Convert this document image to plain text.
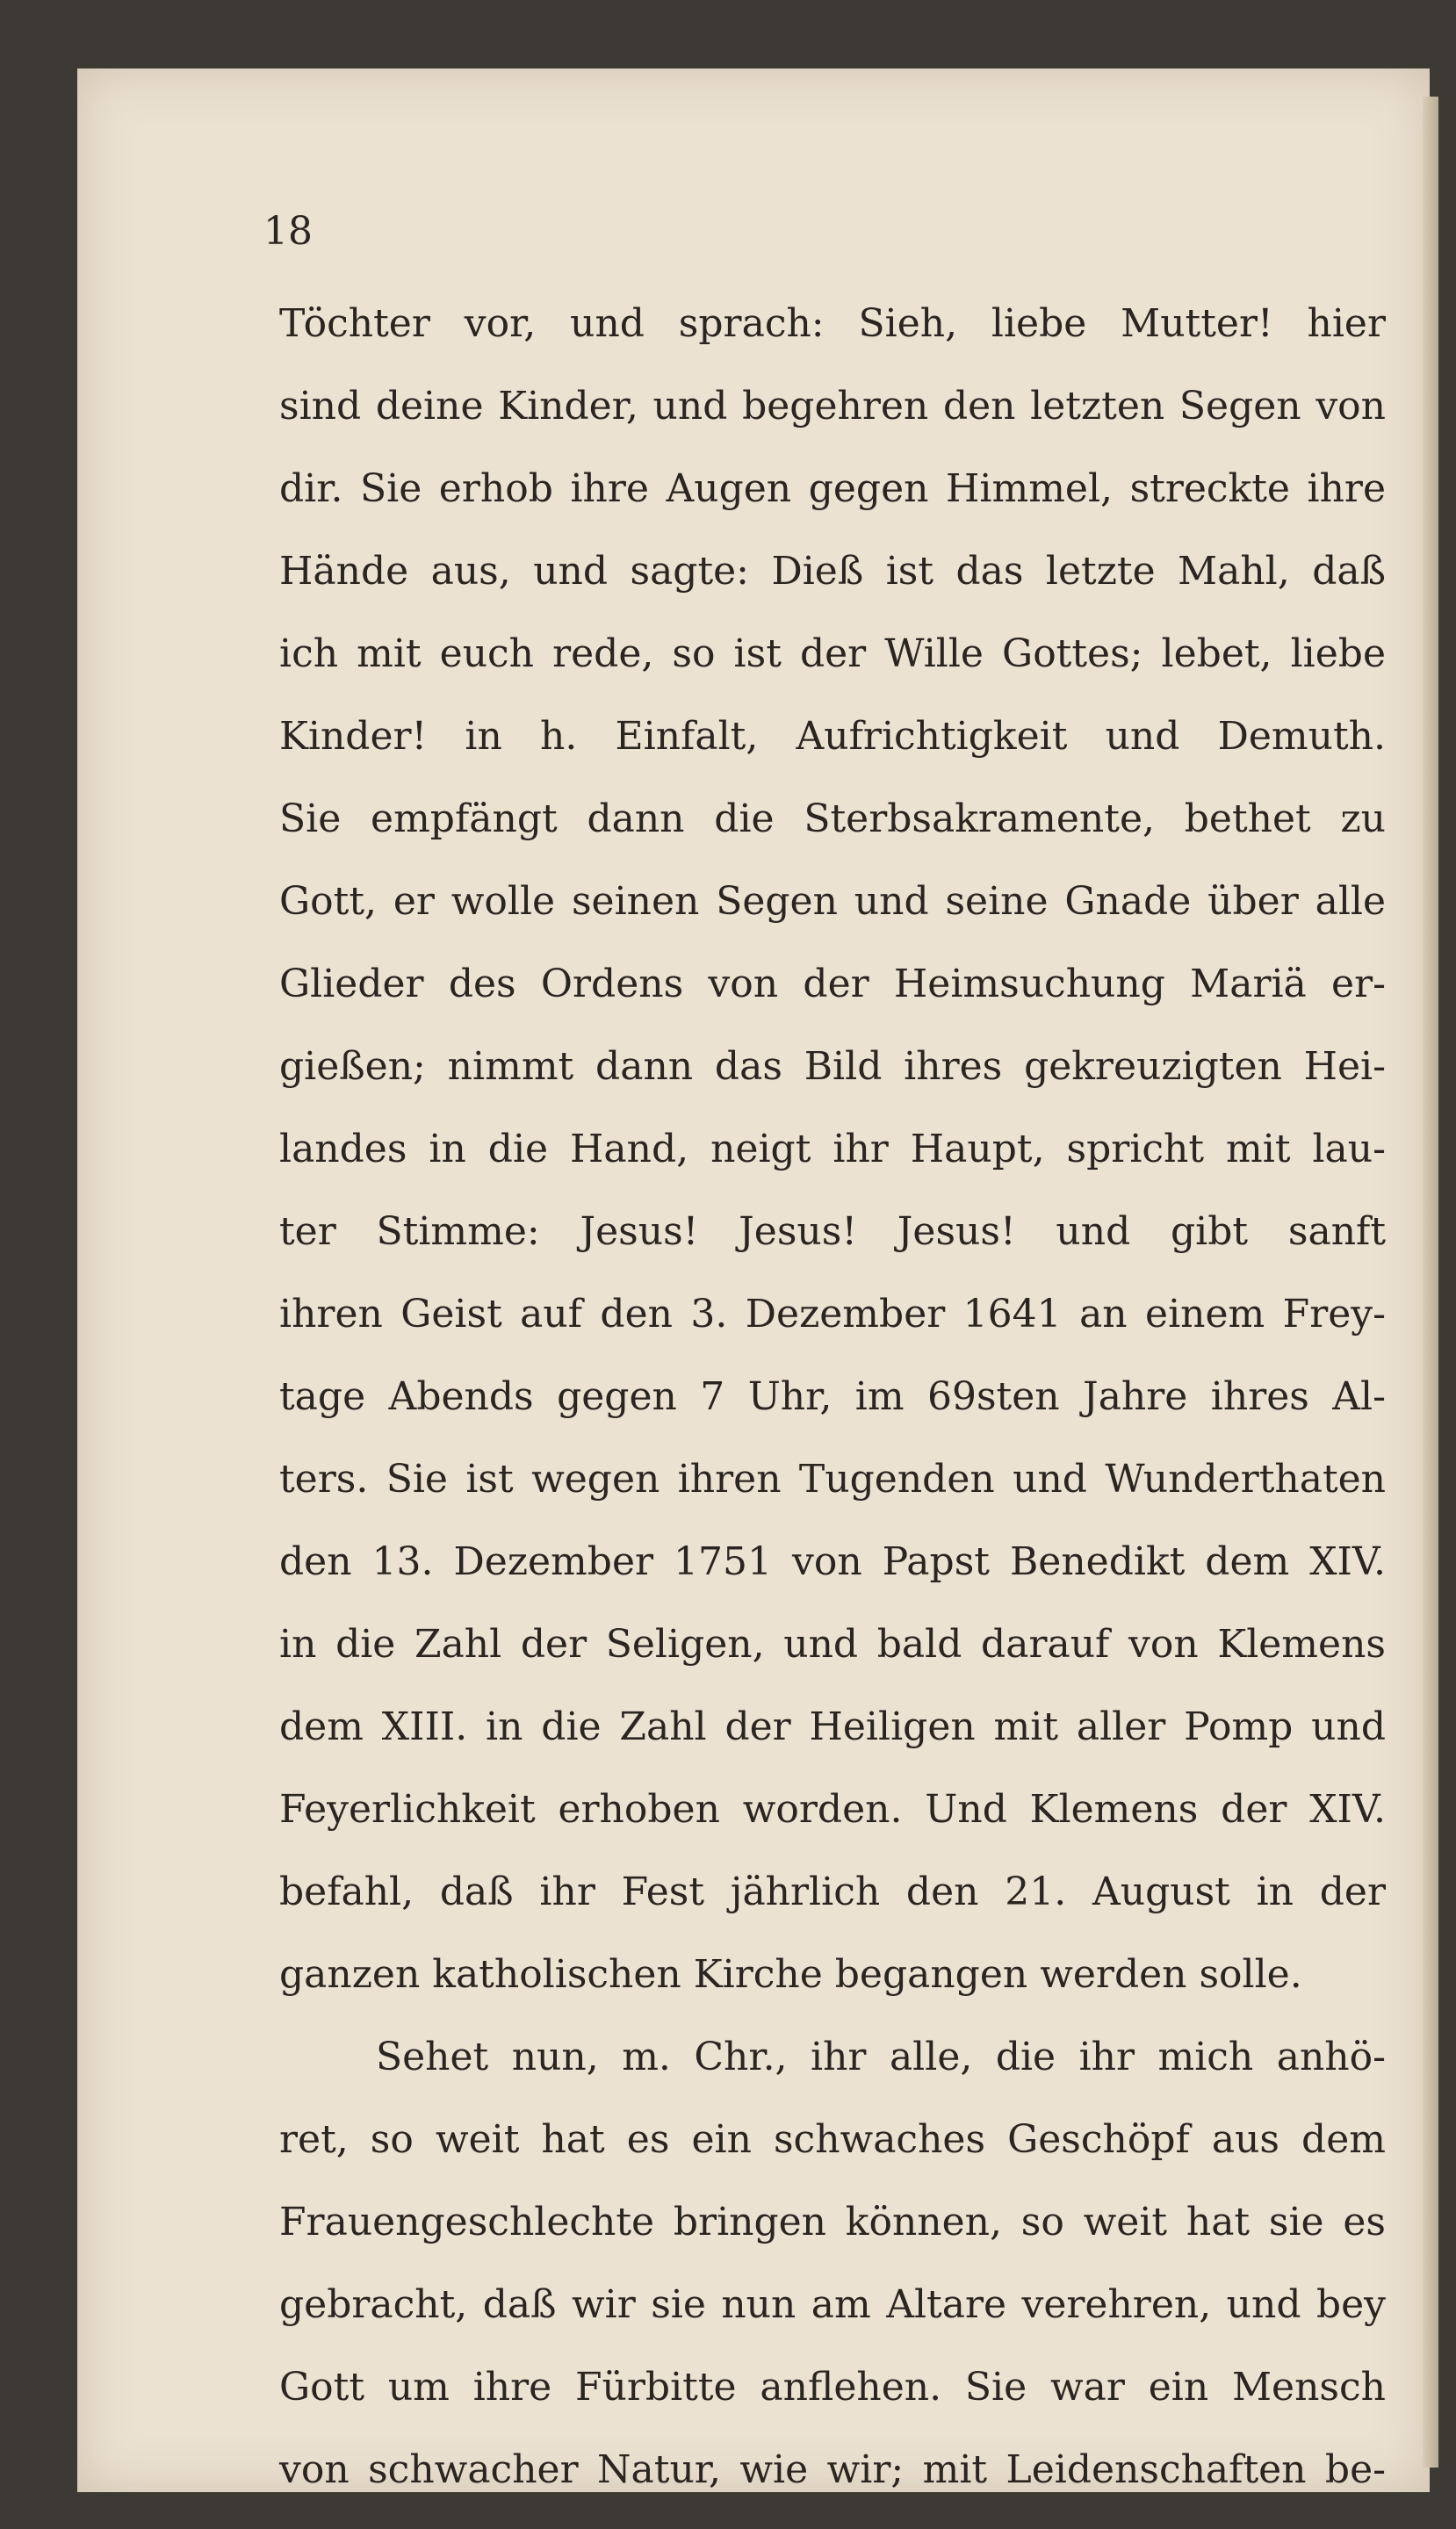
18
Töchter vor, und sprach: Sieh, liebe Mutter! hier
sind deine Kinder, und begehren den letzten Segen von
dir. Sie erhob ihre Augen gegen Himmel, streckte ihre
Hände aus, und sagte: Dieß ist das letzte Mahl, daß
ich mit euch rede, so ist der Wille Gottes; lebet, liebe
Kinder! in h. Einfalt, Aufrichtigkeit und Demuth.
Sie empfängt dann die Sterbsakramente, bethet zu
Gott, er wolle seinen Segen und seine Gnade über alle
Glieder des Ordens von der Heimsuchung Mariä er-
gießen; nimmt dann das Bild ihres gekreuzigten Hei-
landes in die Hand, neigt ihr Haupt, spricht mit lau-
ter Stimme: Jesus! Jesus! Jesus! und gibt sanft
ihren Geist auf den 3. Dezember 1641 an einem Frey-
tage Abends gegen 7 Uhr, im 69sten Jahre ihres Al-
ters. Sie ist wegen ihren Tugenden und Wunderthaten
den 13. Dezember 1751 von Papst Benedikt dem XIV.
in die Zahl der Seligen, und bald darauf von Klemens
dem XIII. in die Zahl der Heiligen mit aller Pomp und
Feyerlichkeit erhoben worden. Und Klemens der XIV.
befahl, daß ihr Fest jährlich den 21. August in der
ganzen katholischen Kirche begangen werden solle.
Sehet nun, m. Chr., ihr alle, die ihr mich anhö-
ret, so weit hat es ein schwaches Geschöpf aus dem
Frauengeschlechte bringen können, so weit hat sie es
gebracht, daß wir sie nun am Altare verehren, und bey
Gott um ihre Fürbitte anflehen. Sie war ein Mensch
von schwacher Natur, wie wir; mit Leidenschaften be-
